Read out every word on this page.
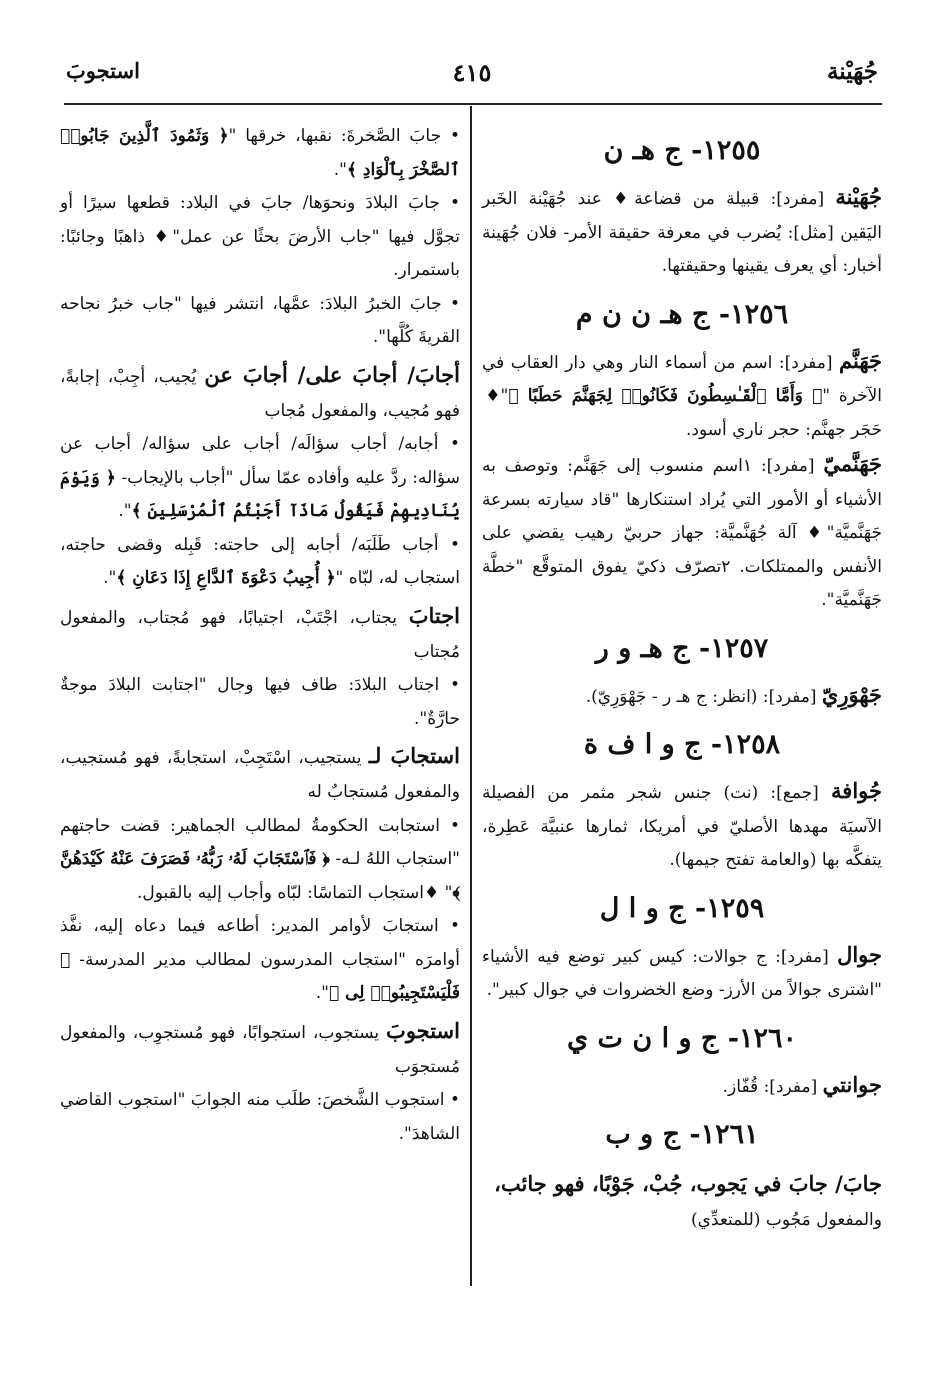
جُهَيْنة
٤١٥
استجوبَ
١٢٥٥- ج هـ ن

جُهَيْنة [مفرد]: قبيلة من قضاعة♦ عند جُهَيْنة الخَبر اليَقين [مثل]: يُضرب في معرفة حقيقة الأمر- فلان جُهَينة أخبار: أي يعرف يقينها وحقيقتها.

١٢٥٦- ج هـ ن ن م

جَهَنَّم [مفرد]: اسم من أسماء النار وهي دار العقاب في الآخرة "﴿ وَأَمَّا ٱلْقَـٰسِطُونَ فَكَانُوا۟ لِجَهَنَّمَ حَطَبًا ﴾"♦ حَجَر جهنَّم: حجر ناري أسود.

جَهَنَّميّ [مفرد]: ١اسم منسوب إلى جَهَنَّم: وتوصف به الأشياء أو الأمور التي يُراد استنكارها "قاد سيارته بسرعة جَهَنَّميَّة"♦ آلة جُهَنَّميَّة: جهاز حربيّ رهيب يقضي على الأنفس والممتلكات. ٢تصرّف ذكيّ يفوق المتوقَّع "خطَّة جَهَنَّميَّة".

١٢٥٧- ج هـ و ر

جَهْوَرِيّ [مفرد]: (انظر: ج هـ ر - جَهْوَرِيّ).

١٢٥٨- ج و ا ف ة

جُوافة [جمع]: (نت) جنس شجر مثمر من الفصيلة الآسيَة مهدها الأصليّ في أمريكا، ثمارها عنبيَّة عَطِرة، يتفكَّه بها (والعامة تفتح جيمها).

١٢٥٩- ج و ا ل

جوال [مفرد]: ج جوالات: كيس كبير توضع فيه الأشياء "اشترى جوالاً من الأرز- وضع الخضروات في جوال كبير".

١٢٦٠- ج و ا ن ت ي

جوانتي [مفرد]: قُفّاز.

١٢٦١- ج و ب

جابَ/ جابَ في يَجوب، جُبْ، جَوْبًا، فهو جائب،

والمفعول مَجُوب (للمتعدِّي)

• جابَ الصَّخرةَ: نقبها، خرقها "﴿ وَثَمُودَ ٱلَّذِينَ جَابُوا۟ ٱلصَّخْرَ بِٱلْوَادِ ﴾".

• جابَ البلادَ ونحوَها/ جابَ في البلاد: قطعها سيرًا أو تجوَّل فيها "جاب الأرضَ بحثًا عن عمل"♦ ذاهبًا وجائبًا: باستمرار.

• جابَ الخبرُ البلادَ: عمَّها، انتشر فيها "جاب خبرُ نجاحه القريةَ كُلَّها".

أجابَ/ أجابَ على/ أجابَ عن يُجيب، أجِبْ، إجابةً، فهو مُجيب، والمفعول مُجاب

• أجابه/ أجاب سؤالَه/ أجاب على سؤاله/ أجاب عن سؤاله: ردَّ عليه وأفاده عمّا سأل "أجاب بالإيجاب- ﴿ وَيَوْمَ يُنَادِيهِمْ فَيَقُولُ مَاذَآ أَجَبْتُمُ ٱلْمُرْسَلِينَ ﴾".

• أجاب طَلَبَه/ أجابه إلى حاجته: قَبِله وقضى حاجته، استجاب له، لبّاه "﴿ أُجِيبُ دَعْوَةَ ٱلدَّاعِ إِذَا دَعَانِ ﴾".

اجتابَ يجتاب، اجْتَبْ، اجتيابًا، فهو مُجتاب، والمفعول مُجتاب

• اجتاب البلادَ: طاف فيها وجال "اجتابت البلادَ موجةٌ حارَّةٌ".

استجابَ لـ يستجيب، اسْتَجِبْ، استجابةً، فهو مُستجيب، والمفعول مُستجابٌ له

• استجابت الحكومةُ لمطالب الجماهير: قضت حاجتهم "استجاب اللهُ لـه- ﴿ فَٱسْتَجَابَ لَهُۥ رَبُّهُۥ فَصَرَفَ عَنْهُ كَيْدَهُنَّ ﴾" ♦استجاب التماسًا: لبّاه وأجاب إليه بالقبول.

• استجابَ لأوامر المدير: أطاعه فيما دعاه إليه، نفَّذ أوامرَه "استجاب المدرسون لمطالب مدير المدرسة- ﴿ فَلْيَسْتَجِيبُوا۟ لِى ﴾".

استجوبَ يستجوب، استجوابًا، فهو مُستجوِب، والمفعول مُستجوَب

• استجوب الشَّخصَ: طلَب منه الجوابَ "استجوب القاضي الشاهدَ".
